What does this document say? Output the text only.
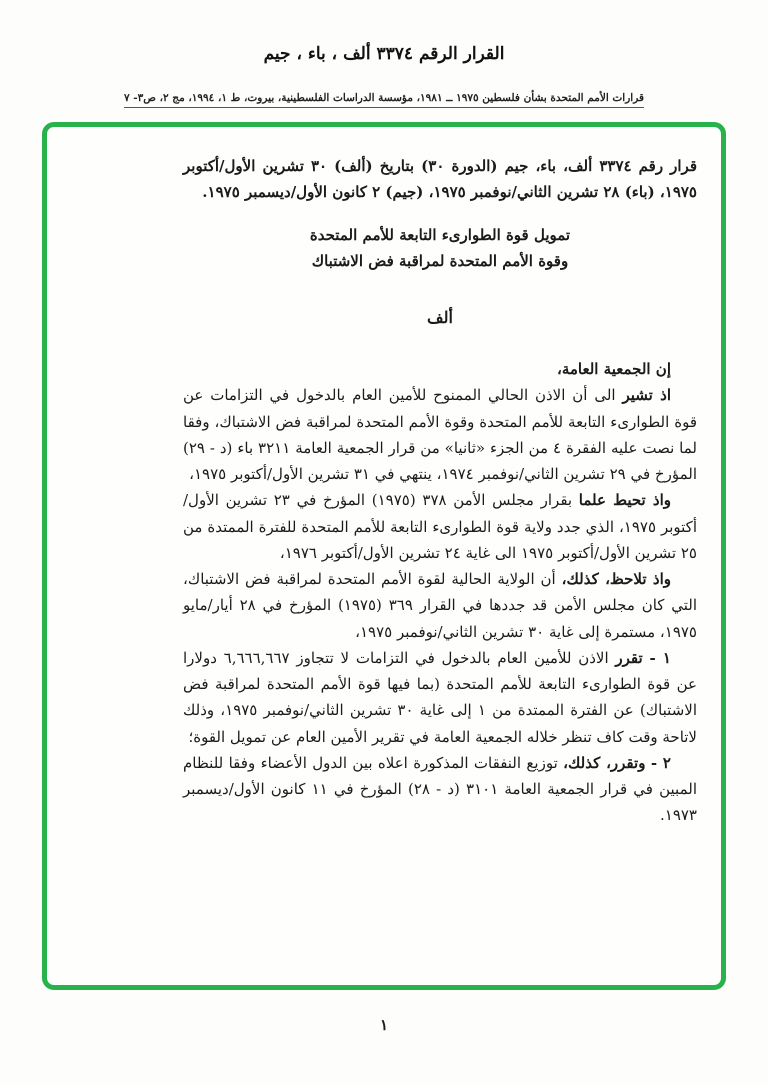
القرار الرقم ٣٣٧٤ ألف ، باء ، جيم

قرارات الأمم المتحدة بشأن فلسطين ١٩٧٥ ــ ١٩٨١، مؤسسة الدراسات الفلسطينية، بيروت، ط ١، ١٩٩٤، مج ٢، ص٣- ٧

قرار رقم ٣٣٧٤ ألف، باء، جيم (الدورة ٣٠) بتاريخ (ألف) ٣٠ تشرين الأول/أكتوبر ١٩٧٥، (باء) ٢٨ تشرين الثاني/نوفمبر ١٩٧٥، (جيم) ٢ كانون الأول/ديسمبر ١٩٧٥.

تمويل قوة الطوارىء التابعة للأمم المتحدة

وقوة الأمم المتحدة لمراقبة فض الاشتباك

ألف

إن الجمعية العامة،

اذ تشير الى أن الاذن الحالي الممنوح للأمين العام بالدخول في التزامات عن قوة الطوارىء التابعة للأمم المتحدة وقوة الأمم المتحدة لمراقبة فض الاشتباك، وفقا لما نصت عليه الفقرة ٤ من الجزء «ثانيا» من قرار الجمعية العامة ٣٢١١ باء (د - ٢٩) المؤرخ في ٢٩ تشرين الثاني/نوفمبر ١٩٧٤، ينتهي في ٣١ تشرين الأول/أكتوبر ١٩٧٥،

واذ تحيط علما بقرار مجلس الأمن ٣٧٨ (١٩٧٥) المؤرخ في ٢٣ تشرين الأول/أكتوبر ١٩٧٥، الذي جدد ولاية قوة الطوارىء التابعة للأمم المتحدة للفترة الممتدة من ٢٥ تشرين الأول/أكتوبر ١٩٧٥ الى غاية ٢٤ تشرين الأول/أكتوبر ١٩٧٦،

واذ تلاحظ، كذلك، أن الولاية الحالية لقوة الأمم المتحدة لمراقبة فض الاشتباك، التي كان مجلس الأمن قد جددها في القرار ٣٦٩ (١٩٧٥) المؤرخ في ٢٨ أيار/مايو ١٩٧٥، مستمرة إلى غاية ٣٠ تشرين الثاني/نوفمبر ١٩٧٥،

١ - تقرر الاذن للأمين العام بالدخول في التزامات لا تتجاوز ٦,٦٦٦,٦٦٧ دولارا عن قوة الطوارىء التابعة للأمم المتحدة (بما فيها قوة الأمم المتحدة لمراقبة فض الاشتباك) عن الفترة الممتدة من ١ إلى غاية ٣٠ تشرين الثاني/نوفمبر ١٩٧٥، وذلك لاتاحة وقت كاف تنظر خلاله الجمعية العامة في تقرير الأمين العام عن تمويل القوة؛

٢ - وتقرر، كذلك، توزيع النفقات المذكورة اعلاه بين الدول الأعضاء وفقا للنظام المبين في قرار الجمعية العامة ٣١٠١ (د - ٢٨) المؤرخ في ١١ كانون الأول/ديسمبر ١٩٧٣.

١
